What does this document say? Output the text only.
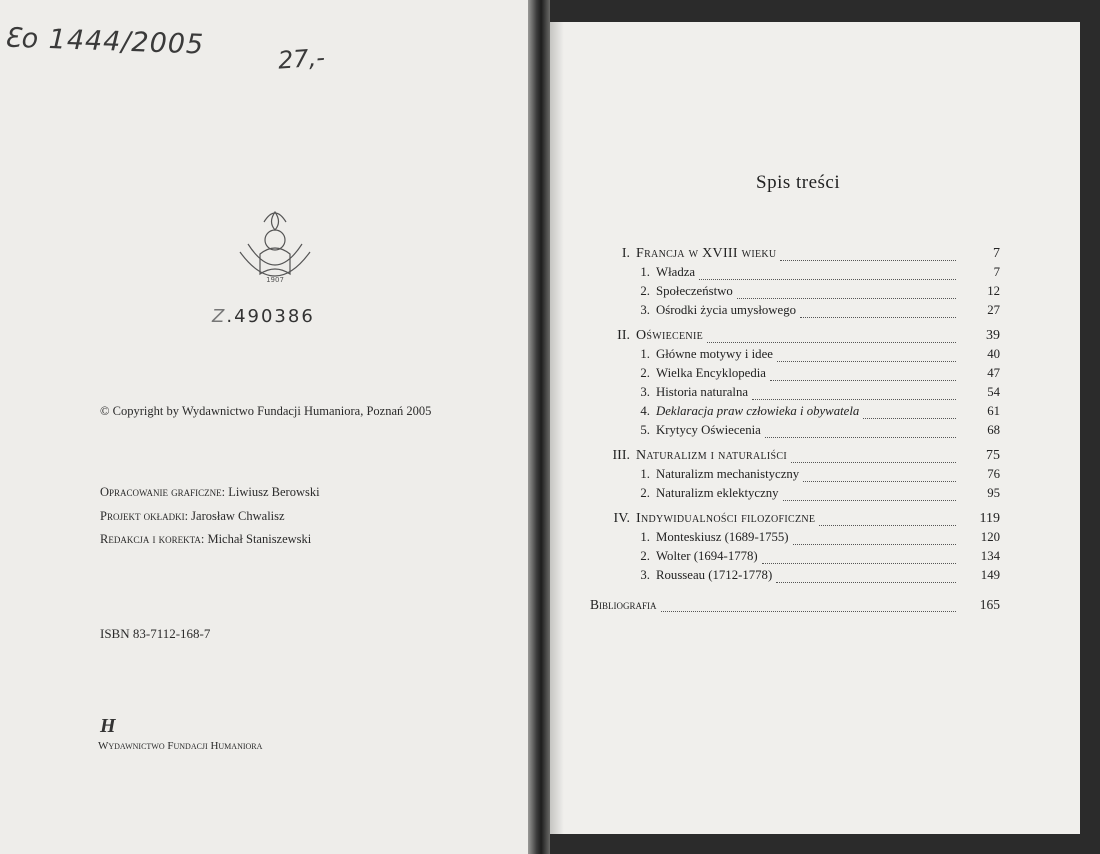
Ɛo 1444/2005	27,-
1907
Z.490386
© Copyright by Wydawnictwo Fundacji Humaniora, Poznań 2005
Opracowanie graficzne: Liwiusz Berowski
Projekt okładki: Jarosław Chwalisz
Redakcja i korekta: Michał Staniszewski
ISBN 83-7112-168-7
H
Wydawnictwo Fundacji Humaniora
Spis treści
I. Francja w XVIII wieku	7
1. Władza	7
2. Społeczeństwo	12
3. Ośrodki życia umysłowego	27
II. Oświecenie	39
1. Główne motywy i idee	40
2. Wielka Encyklopedia	47
3. Historia naturalna	54
4. Deklaracja praw człowieka i obywatela	61
5. Krytycy Oświecenia	68
III. Naturalizm i naturaliści	75
1. Naturalizm mechanistyczny	76
2. Naturalizm eklektyczny	95
IV. Indywidualności filozoficzne	119
1. Monteskiusz (1689-1755)	120
2. Wolter (1694-1778)	134
3. Rousseau (1712-1778)	149
Bibliografia	165
